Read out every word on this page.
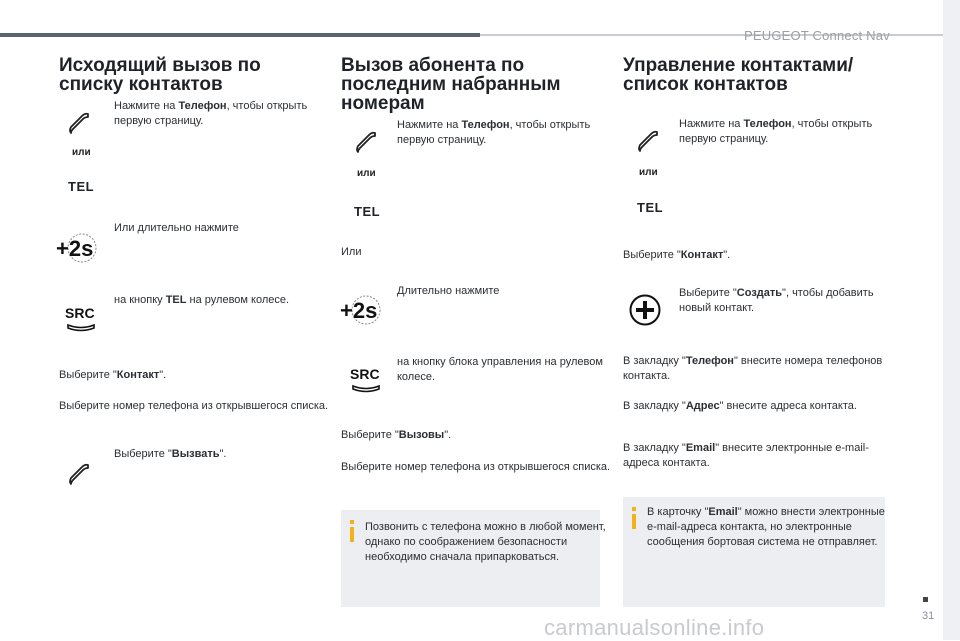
PEUGEOT Connect Nav
Исходящий вызов по
списку контактов
Нажмите на Телефон, чтобы открыть
первую страницу.
или
TEL
+2s
Или длительно нажмите
SRC
на кнопку TEL на рулевом колесе.
Выберите "Контакт".
Выберите номер телефона из открывшегося списка.
Выберите "Вызвать".
Вызов абонента по
последним набранным
номерам
Нажмите на Телефон, чтобы открыть
первую страницу.
или
TEL
Или
+2s
Длительно нажмите
SRC
на кнопку блока управления на рулевом
колесе.
Выберите "Вызовы".
Выберите номер телефона из открывшегося списка.
Позвонить с телефона можно в любой момент,
однако по соображением безопасности
необходимо сначала припарковаться.
Управление контактами/
список контактов
Нажмите на Телефон, чтобы открыть
первую страницу.
или
TEL
Выберите "Контакт".
Выберите "Создать", чтобы добавить
новый контакт.
В закладку "Телефон" внесите номера телефонов
контакта.
В закладку "Адрес" внесите адреса контакта.
В закладку "Email" внесите электронные e-mail-
адреса контакта.
В карточку "Email" можно внести электронные
e-mail-адреса контакта, но электронные
сообщения бортовая система не отправляет.
31
carmanualsonline.info
